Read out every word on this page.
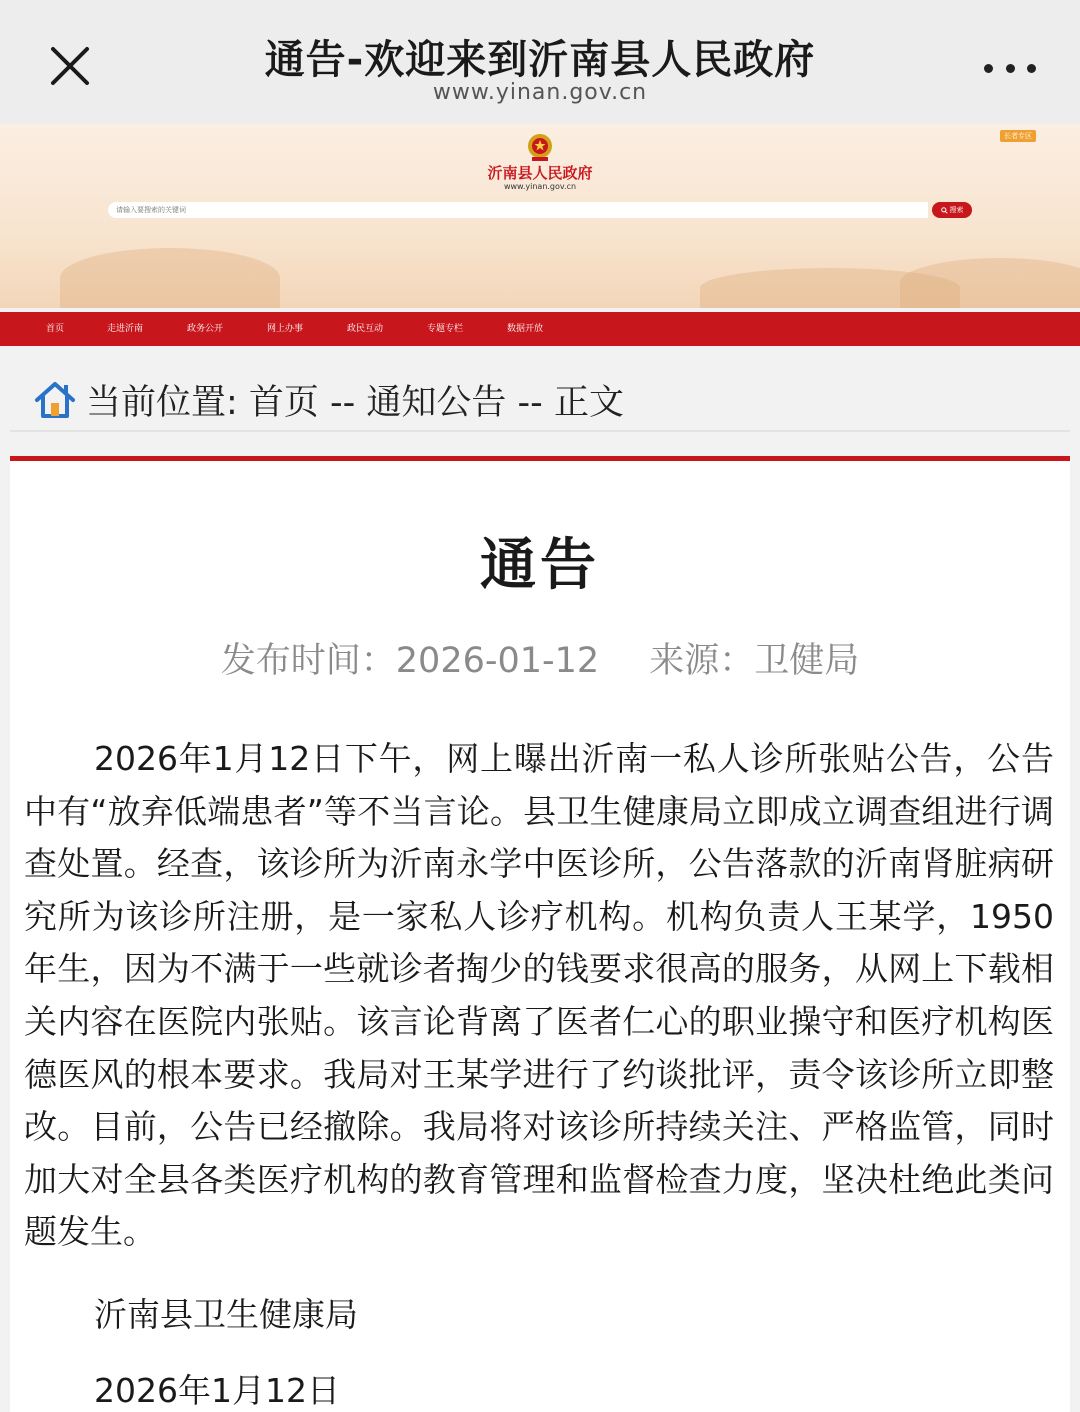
通告-欢迎来到沂南县人民政府
www.yinan.gov.cn
沂南县人民政府
www.yinan.gov.cn
长者专区
请输入要搜索的关键词
搜索
首页	走进沂南	政务公开	网上办事	政民互动	专题专栏	数据开放
当前位置: 首页 -- 通知公告 -- 正文
通告
发布时间：2026-01-12 来源：卫健局

2026年1月12日下午，网上曝出沂南一私人诊所张贴公告，公告中有“放弃低端患者”等不当言论。县卫生健康局立即成立调查组进行调查处置。经查，该诊所为沂南永学中医诊所，公告落款的沂南肾脏病研究所为该诊所注册，是一家私人诊疗机构。机构负责人王某学，1950年生，因为不满于一些就诊者掏少的钱要求很高的服务，从网上下载相关内容在医院内张贴。该言论背离了医者仁心的职业操守和医疗机构医德医风的根本要求。我局对王某学进行了约谈批评，责令该诊所立即整改。目前，公告已经撤除。我局将对该诊所持续关注、严格监管，同时加大对全县各类医疗机构的教育管理和监督检查力度，坚决杜绝此类问题发生。

沂南县卫生健康局
2026年1月12日
